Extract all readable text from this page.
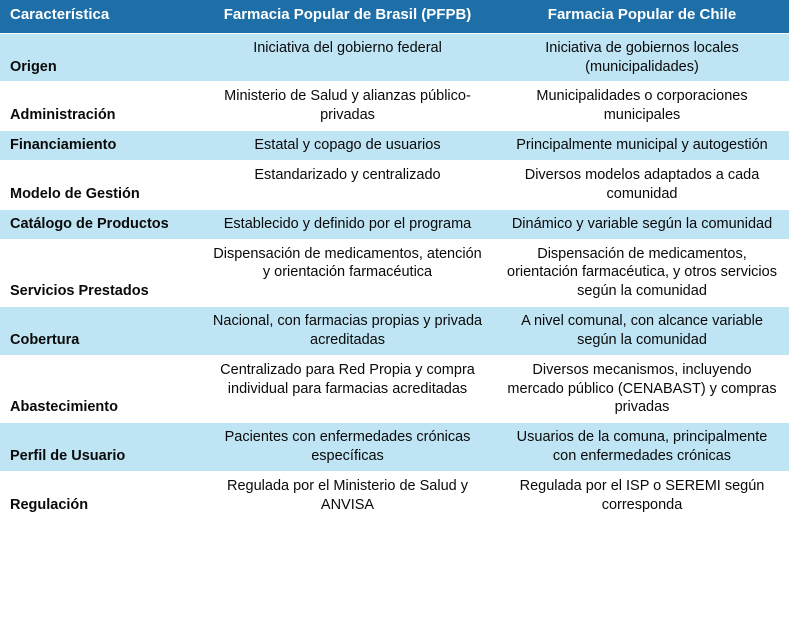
Característica	Farmacia Popular de Brasil (PFPB)	Farmacia Popular de Chile
Origen	Iniciativa del gobierno federal	Iniciativa de gobiernos locales (municipalidades)
Administración	Ministerio de Salud y alianzas público-privadas	Municipalidades o corporaciones municipales
Financiamiento	Estatal y copago de usuarios	Principalmente municipal y autogestión
Modelo de Gestión	Estandarizado y centralizado	Diversos modelos adaptados a cada comunidad
Catálogo de Productos	Establecido y definido por el programa	Dinámico y variable según la comunidad
Servicios Prestados	Dispensación de medicamentos, atención y orientación farmacéutica	Dispensación de medicamentos, orientación farmacéutica, y otros servicios según la comunidad
Cobertura	Nacional, con farmacias propias y privada acreditadas	A nivel comunal, con alcance variable según la comunidad
Abastecimiento	Centralizado para Red Propia y compra individual para farmacias acreditadas	Diversos mecanismos, incluyendo mercado público (CENABAST) y compras privadas
Perfil de Usuario	Pacientes con enfermedades crónicas específicas	Usuarios de la comuna, principalmente con enfermedades crónicas
Regulación	Regulada por el Ministerio de Salud y ANVISA	Regulada por el ISP o SEREMI según corresponda
